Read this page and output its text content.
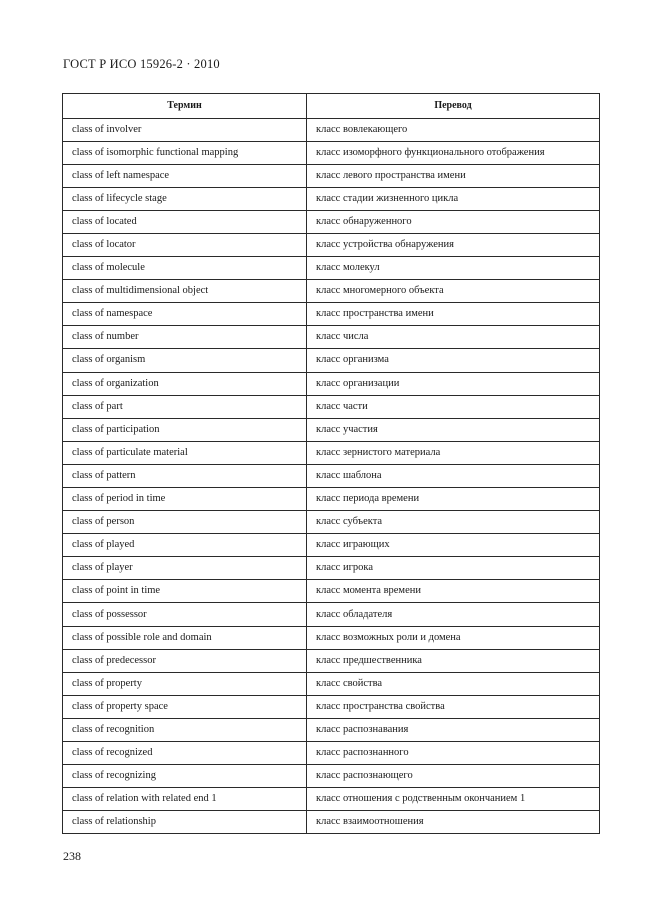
ГОСТ Р ИСО 15926-2 · 2010
Термин	Перевод
class of involver	класс вовлекающего
class of isomorphic functional mapping	класс изоморфного функционального отображения
class of left namespace	класс левого пространства имени
class of lifecycle stage	класс стадии жизненного цикла
class of located	класс обнаруженного
class of locator	класс устройства обнаружения
class of molecule	класс молекул
class of multidimensional object	класс многомерного объекта
class of namespace	класс пространства имени
class of number	класс числа
class of organism	класс организма
class of organization	класс организации
class of part	класс части
class of participation	класс участия
class of particulate material	класс зернистого материала
class of pattern	класс шаблона
class of period in time	класс периода времени
class of person	класс субъекта
class of played	класс играющих
class of player	класс игрока
class of point in time	класс момента времени
class of possessor	класс обладателя
class of possible role and domain	класс возможных роли и домена
class of predecessor	класс предшественника
class of property	класс свойства
class of property space	класс пространства свойства
class of recognition	класс распознавания
class of recognized	класс распознанного
class of recognizing	класс распознающего
class of relation with related end 1	класс отношения с родственным окончанием 1
class of relationship	класс взаимоотношения
238
